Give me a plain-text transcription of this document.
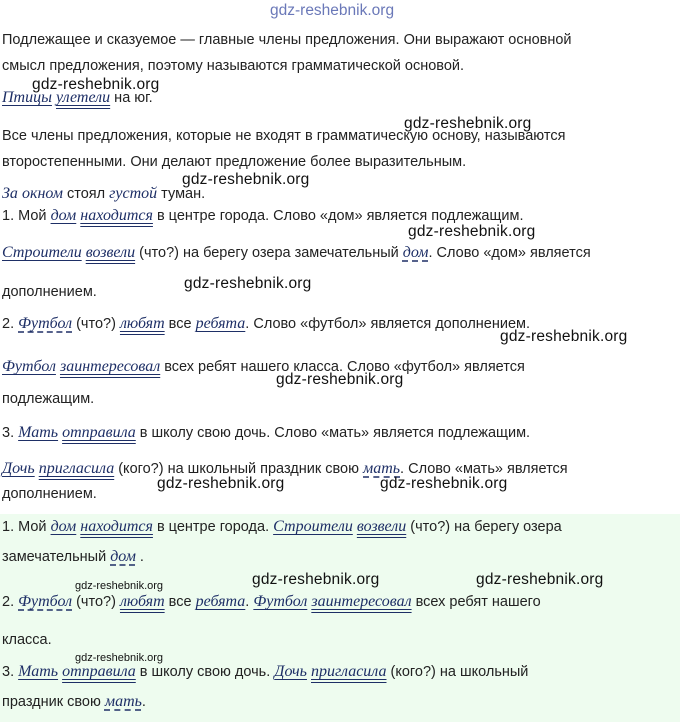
gdz-reshebnik.org
Подлежащее и сказуемое — главные члены предложения. Они выражают основной
смысл предложения, поэтому называются грамматической основой.
Птицы улетели на юг.
Все члены предложения, которые не входят в грамматическую основу, называются
второстепенными. Они делают предложение более выразительным.
За окном стоял густой туман.
1. Мой дом находится в центре города. Слово «дом» является подлежащим.
Строители возвели (что?) на берегу озера замечательный дом. Слово «дом» является
дополнением.
2. Футбол (что?) любят все ребята. Слово «футбол» является дополнением.
Футбол заинтересовал всех ребят нашего класса. Слово «футбол» является
подлежащим.
3. Мать отправила в школу свою дочь. Слово «мать» является подлежащим.
Дочь пригласила (кого?) на школьный праздник свою мать. Слово «мать» является
дополнением.
1. Мой дом находится в центре города. Строители возвели (что?) на берегу озера
замечательный дом .
2. Футбол (что?) любят все ребята. Футбол заинтересовал всех ребят нашего
класса.
3. Мать отправила в школу свою дочь. Дочь пригласила (кого?) на школьный
праздник свою мать.
gdz-reshebnik.org
gdz-reshebnik.org
gdz-reshebnik.org
gdz-reshebnik.org
gdz-reshebnik.org
gdz-reshebnik.org
gdz-reshebnik.org
gdz-reshebnik.org	gdz-reshebnik.org
gdz-reshebnik.org	gdz-reshebnik.org
gdz-reshebnik.org
gdz-reshebnik.org
